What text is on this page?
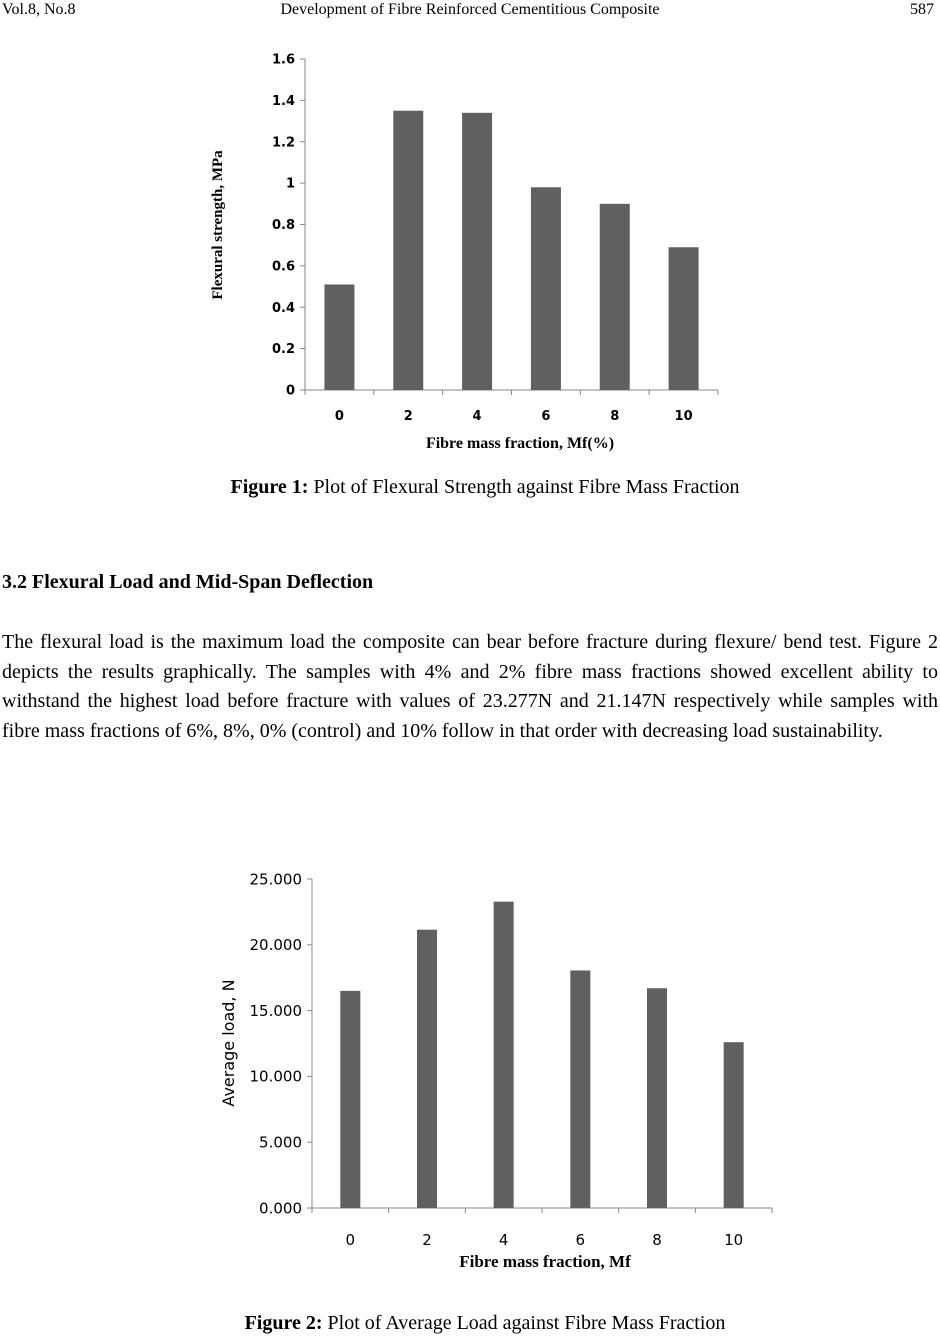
Vol.8, No.8	Development of Fibre Reinforced Cementitious Composite	587
0
0.2
0.4
0.6
0.8
1
1.2
1.4
1.6
0	2	4	6	8	10
Fibre mass fraction, Mf(%)
Flexural strength, MPa
Figure 1: Plot of Flexural Strength against Fibre Mass Fraction
3.2 Flexural Load and Mid-Span Deflection
The flexural load is the maximum load the composite can bear before fracture during flexure/ bend test. Figure 2 depicts the results graphically. The samples with 4% and 2% fibre mass fractions showed excellent ability to withstand the highest load before fracture with values of 23.277N and 21.147N respectively while samples with fibre mass fractions of 6%, 8%, 0% (control) and 10% follow in that order with decreasing load sustainability.
0.000
5.000
10.000
15.000
20.000
25.000
0	2	4	6	8	10
Fibre mass fraction, Mf
Average load, N
Figure 2: Plot of Average Load against Fibre Mass Fraction
